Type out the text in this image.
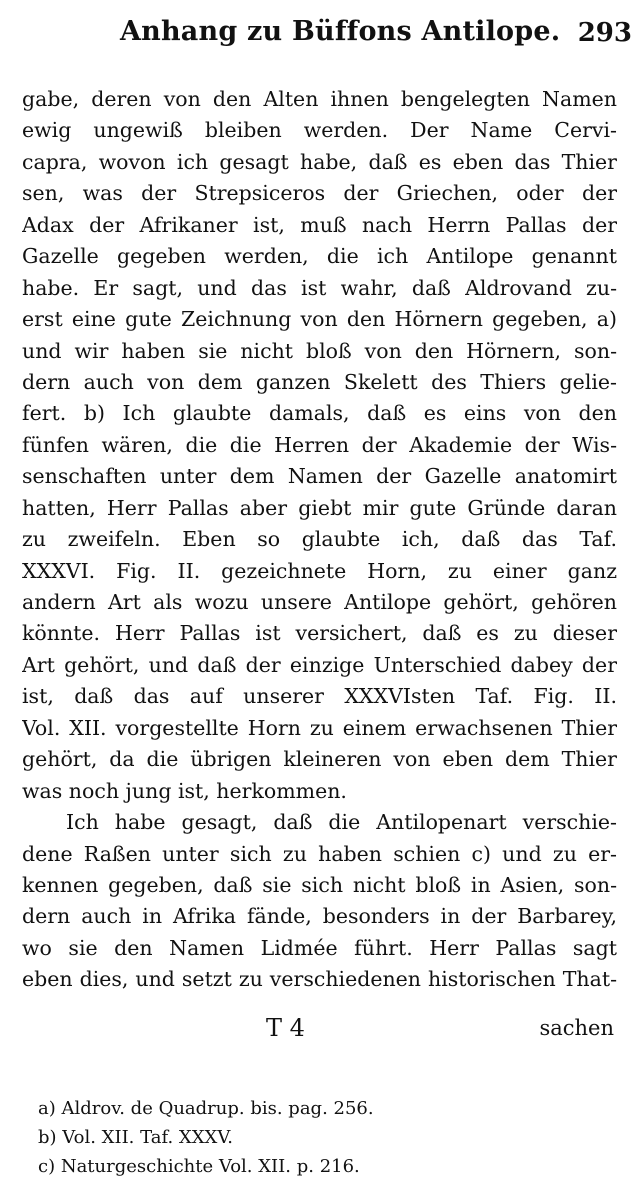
Anhang zu Büffons Antilope. 293
gabe, deren von den Alten ihnen bengelegten Namen
ewig ungewiß bleiben werden. Der Name Cervi-
capra, wovon ich gesagt habe, daß es eben das Thier
sen, was der Strepsiceros der Griechen, oder der
Adax der Afrikaner ist, muß nach Herrn Pallas der
Gazelle gegeben werden, die ich Antilope genannt
habe. Er sagt, und das ist wahr, daß Aldrovand zu-
erst eine gute Zeichnung von den Hörnern gegeben, a)
und wir haben sie nicht bloß von den Hörnern, son-
dern auch von dem ganzen Skelett des Thiers gelie-
fert. b) Ich glaubte damals, daß es eins von den
fünfen wären, die die Herren der Akademie der Wis-
senschaften unter dem Namen der Gazelle anatomirt
hatten, Herr Pallas aber giebt mir gute Gründe daran
zu zweifeln. Eben so glaubte ich, daß das Taf.
XXXVI. Fig. II. gezeichnete Horn, zu einer ganz
andern Art als wozu unsere Antilope gehört, gehören
könnte. Herr Pallas ist versichert, daß es zu dieser
Art gehört, und daß der einzige Unterschied dabey der
ist, daß das auf unserer XXXVIsten Taf. Fig. II.
Vol. XII. vorgestellte Horn zu einem erwachsenen Thier
gehört, da die übrigen kleineren von eben dem Thier
was noch jung ist, herkommen.
Ich habe gesagt, daß die Antilopenart verschie-
dene Raßen unter sich zu haben schien c) und zu er-
kennen gegeben, daß sie sich nicht bloß in Asien, son-
dern auch in Afrika fände, besonders in der Barbarey,
wo sie den Namen Lidmée führt. Herr Pallas sagt
eben dies, und setzt zu verschiedenen historischen That-
T 4	sachen
a) Aldrov. de Quadrup. bis. pag. 256.
b) Vol. XII. Taf. XXXV.
c) Naturgeschichte Vol. XII. p. 216.
